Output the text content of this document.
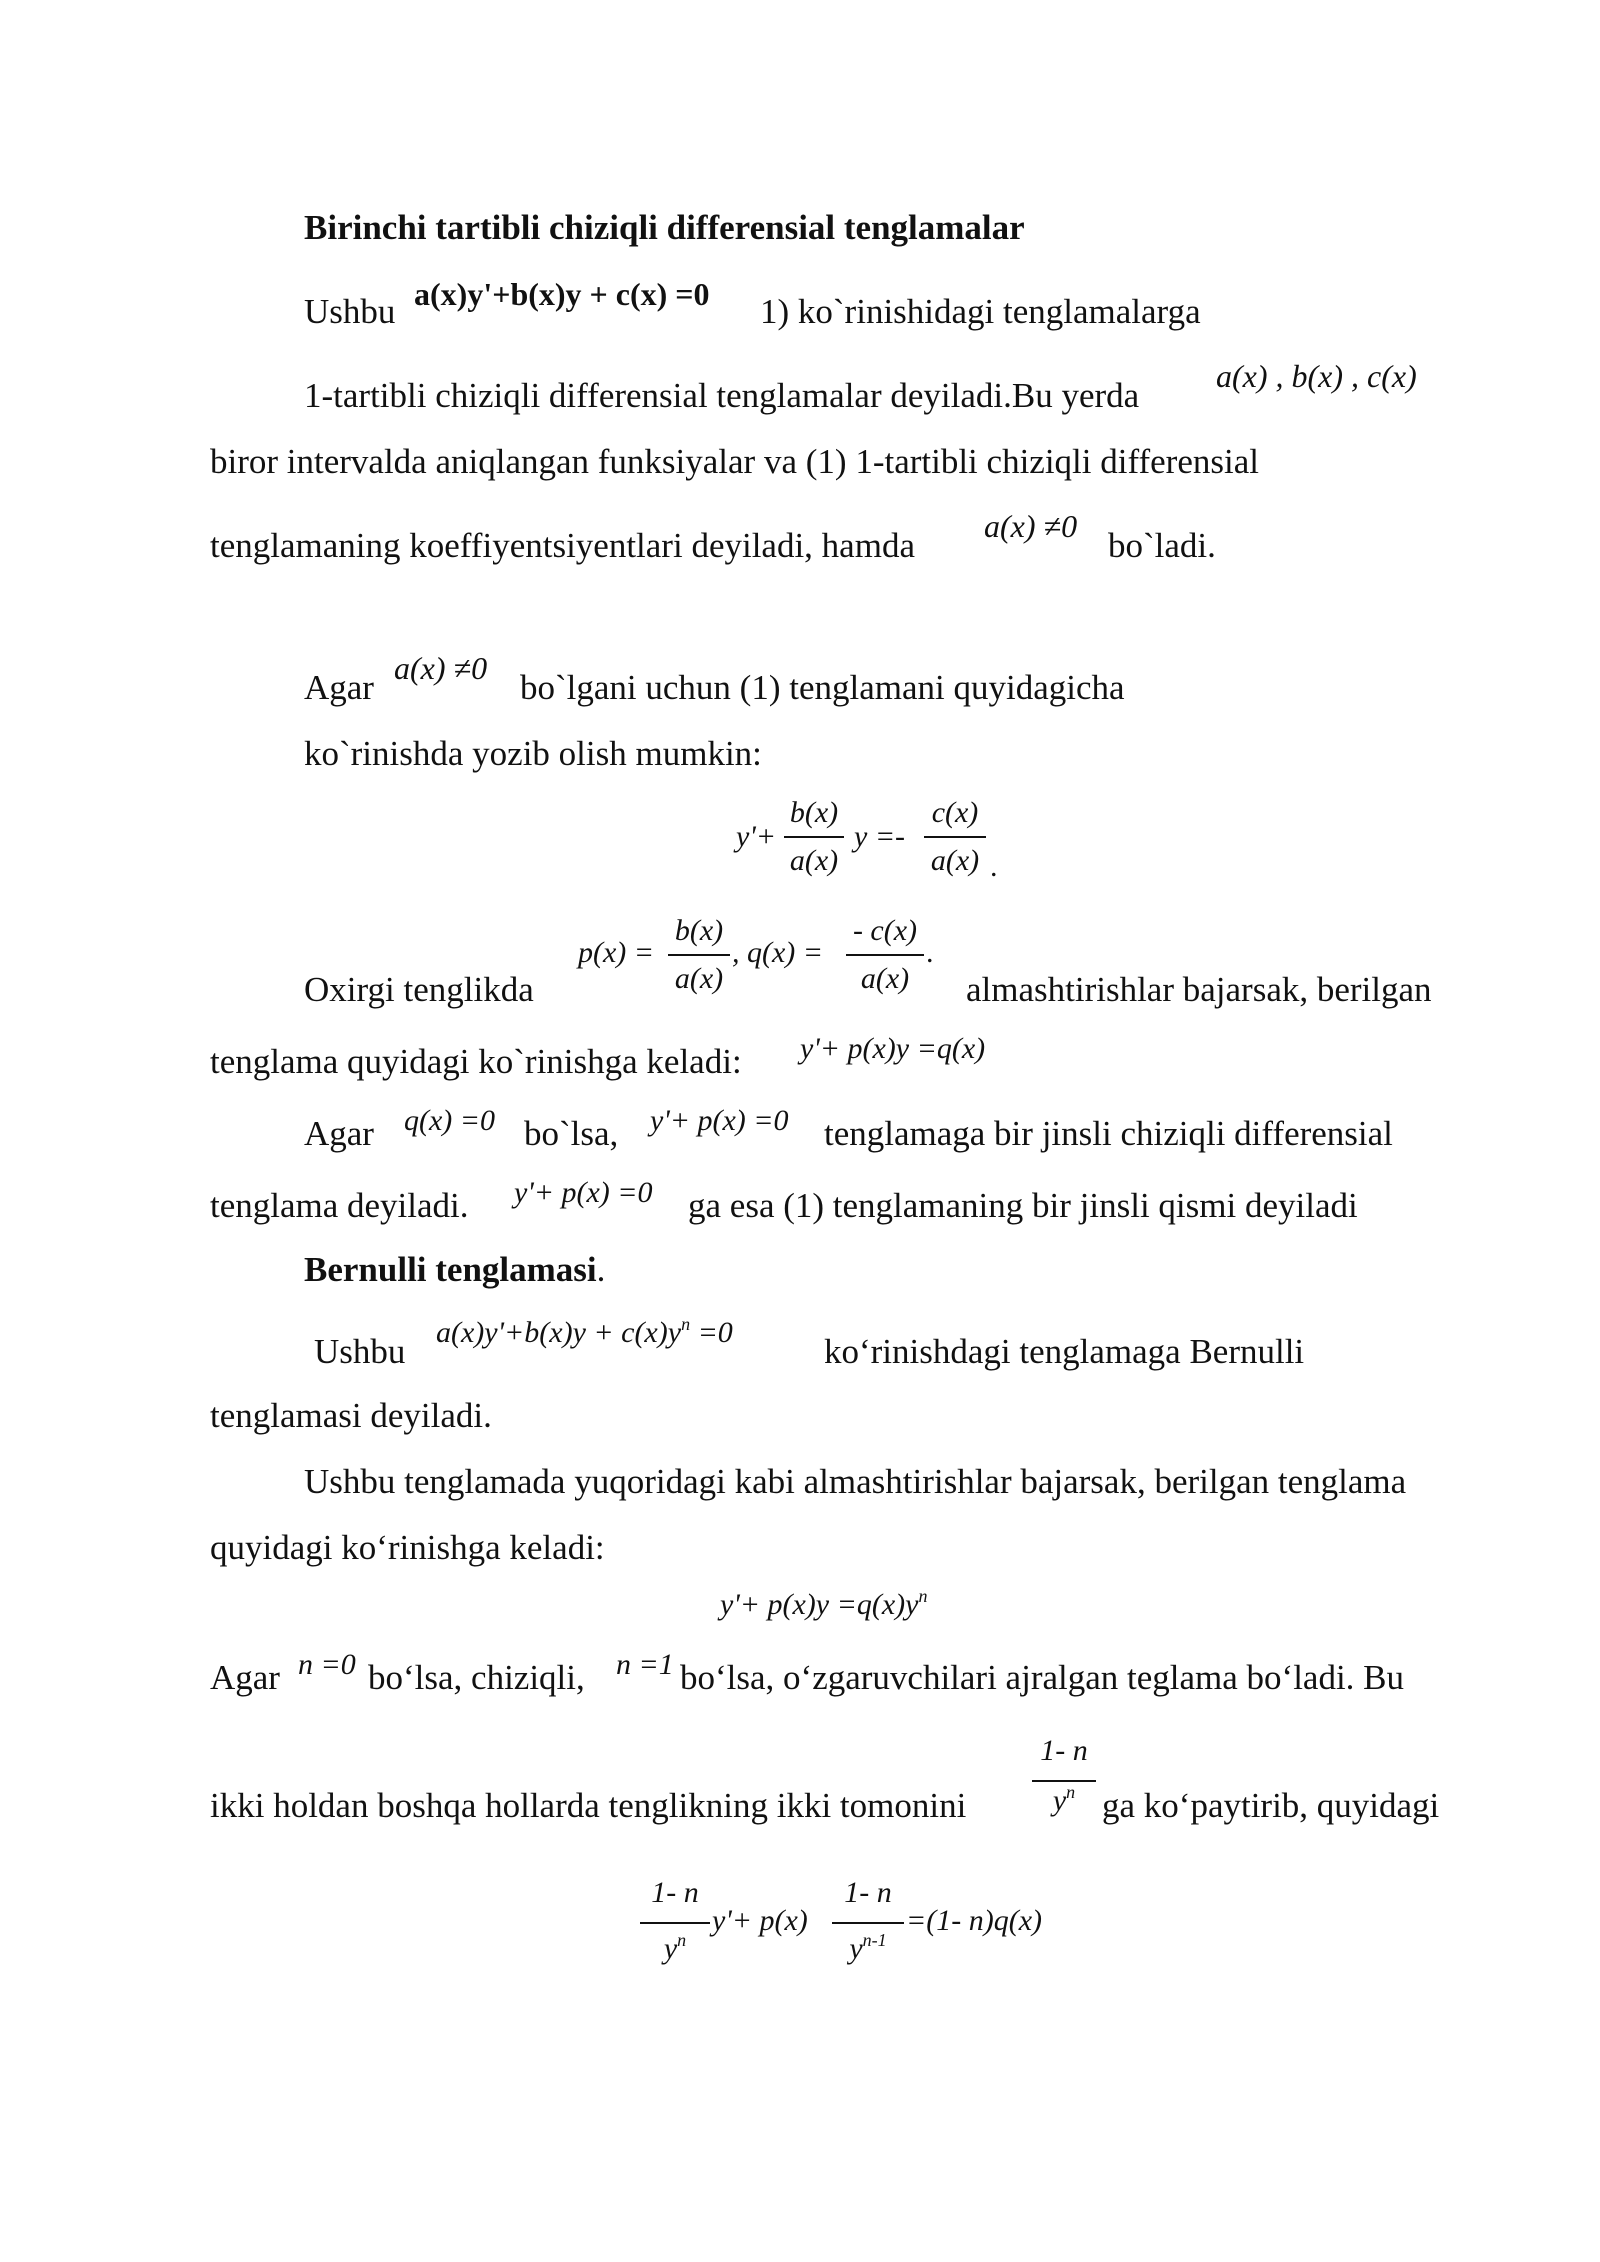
Birinchi tartibli chiziqli differensial tenglamalar
Ushbu a(x)y'+b(x)y + c(x) =0 1) ko`rinishidagi tenglamalarga
1-tartibli chiziqli differensial tenglamalar deyiladi.Bu yerda a(x) , b(x) , c(x)
biror intervalda aniqlangan funksiyalar va (1) 1-tartibli chiziqli differensial
tenglamaning koeffiyentsiyentlari deyiladi, hamda a(x) ≠0 bo`ladi.
Agar a(x) ≠0 bo`lgani uchun (1) tenglamani quyidagicha
ko`rinishda yozib olish mumkin:
y'+
b(x)
a(x)
y =-
c(x)
a(x) .
Oxirgi tenglikda
p(x) =
b(x)
a(x)
, q(x) =
- c(x)
a(x)
.
almashtirishlar bajarsak, berilgan
tenglama quyidagi ko`rinishga keladi: y'+ p(x)y =q(x)
Agar q(x) =0 bo`lsa, y'+ p(x) =0 tenglamaga bir jinsli chiziqli differensial
tenglama deyiladi. y'+ p(x) =0 ga esa (1) tenglamaning bir jinsli qismi deyiladi
Bernulli tenglamasi.
Ushbu $a(x)y'+b(x)y + c(x)y^n =0$	ko‘rinishdagi tenglamaga Bernulli
tenglamasi deyiladi.
Ushbu tenglamada yuqoridagi kabi almashtirishlar bajarsak, berilgan tenglama
quyidagi ko‘rinishga keladi:
$y'+ p(x)y =q(x)y^n$
Agar n =0 bo‘lsa, chiziqli, n =1 bo‘lsa, o‘zgaruvchilari ajralgan teglama bo‘ladi. Bu
ikki holdan boshqa hollarda tenglikning ikki tomonini
1- n
$y^n$ ga ko‘paytirib, quyidagi
1- n
$y^n$
y'+ p(x)
1- n
$y^{n-1}$
=(1- n)q(x)
